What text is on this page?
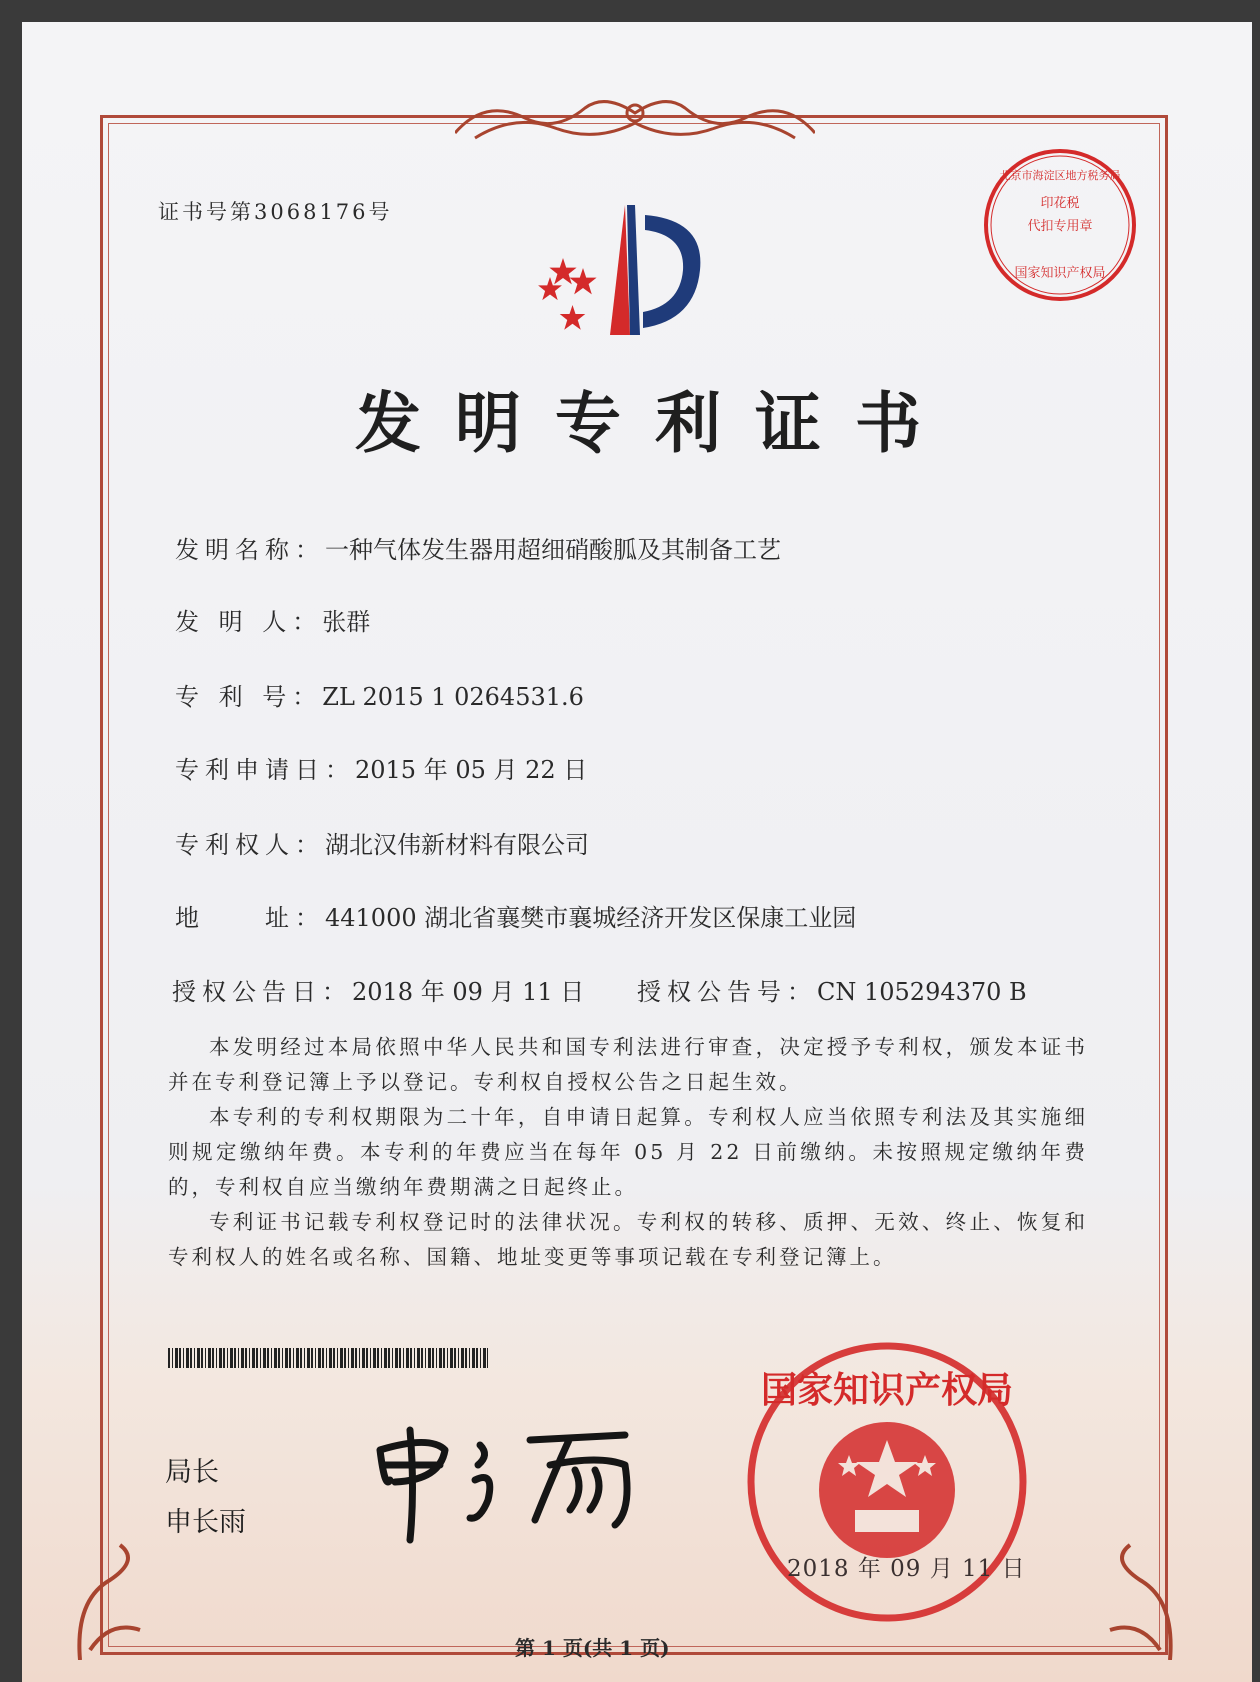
证书号第3068176号
发明专利证书
发明名称：一种气体发生器用超细硝酸胍及其制备工艺
发 明 人：张群
专 利 号：ZL 2015 1 0264531.6
专利申请日：2015 年 05 月 22 日
专利权人：湖北汉伟新材料有限公司
地　　址：441000 湖北省襄樊市襄城经济开发区保康工业园
授权公告日：2018 年 09 月 11 日 授权公告号：CN 105294370 B

本发明经过本局依照中华人民共和国专利法进行审查，决定授予专利权，颁发本证书并在专利登记簿上予以登记。专利权自授权公告之日起生效。

本专利的专利权期限为二十年，自申请日起算。专利权人应当依照专利法及其实施细则规定缴纳年费。本专利的年费应当在每年 05 月 22 日前缴纳。未按照规定缴纳年费的，专利权自应当缴纳年费期满之日起终止。

专利证书记载专利权登记时的法律状况。专利权的转移、质押、无效、终止、恢复和专利权人的姓名或名称、国籍、地址变更等事项记载在专利登记簿上。

局长
申长雨
印花税
代扣专用章
北京市海淀区地方税务局
国家知识产权局
国家知识产权局
2018 年 09 月 11 日
第 1 页(共 1 页)
